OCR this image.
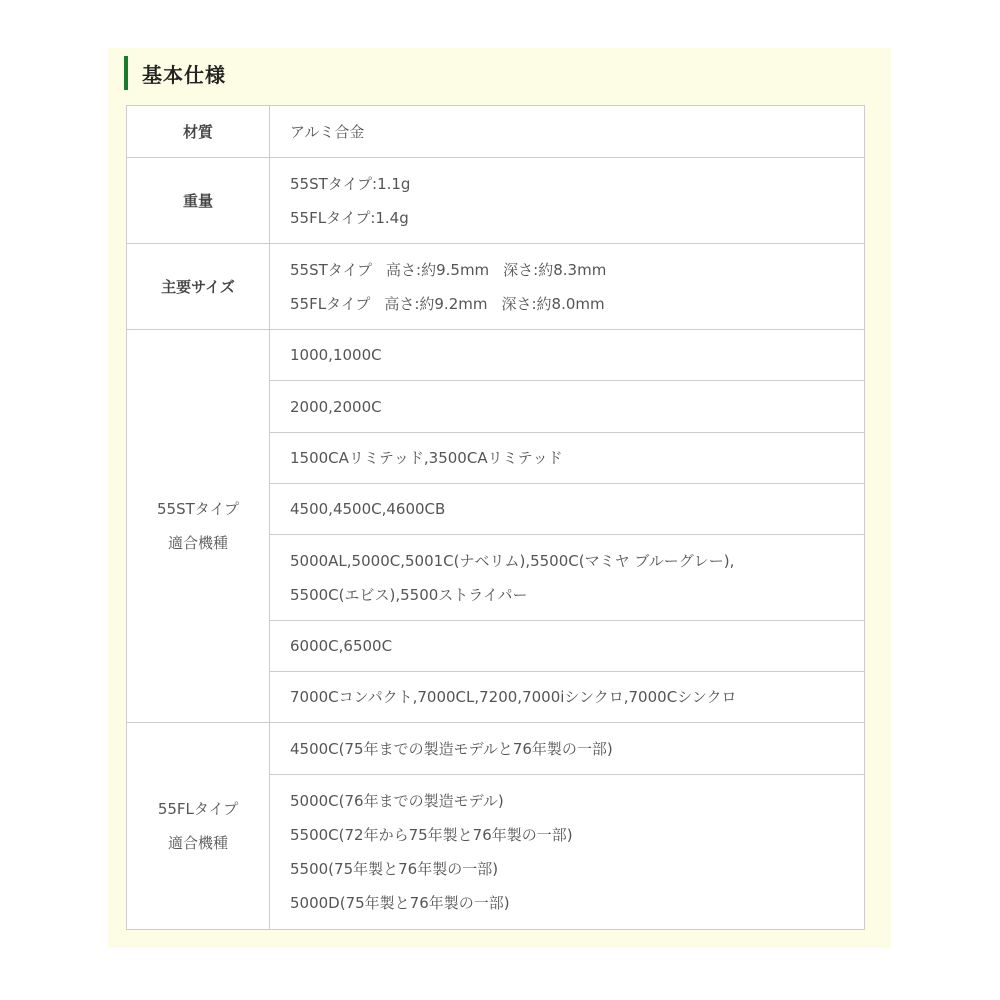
基本仕様
材質	アルミ合金
重量	55STタイプ:1.1g
55FLタイプ:1.4g

主要サイズ	55STタイプ 高さ:約9.5mm 深さ:約8.3mm
55FLタイプ 高さ:約9.2mm 深さ:約8.0mm

55STタイプ
適合機種	1000,1000C
	2000,2000C
	1500CAリミテッド,3500CAリミテッド
	4500,4500C,4600CB

	5000AL,5000C,5001C(ナベリム),5500C(マミヤ ブルーグレー),
5500C(エビス),5500ストライパー

	6000C,6500C
	7000Cコンパクト,7000CL,7200,7000iシンクロ,7000Cシンクロ

55FLタイプ
適合機種	4500C(75年までの製造モデルと76年製の一部)

	5000C(76年までの製造モデル)
5500C(72年から75年製と76年製の一部)
5500(75年製と76年製の一部)
5000D(75年製と76年製の一部)
